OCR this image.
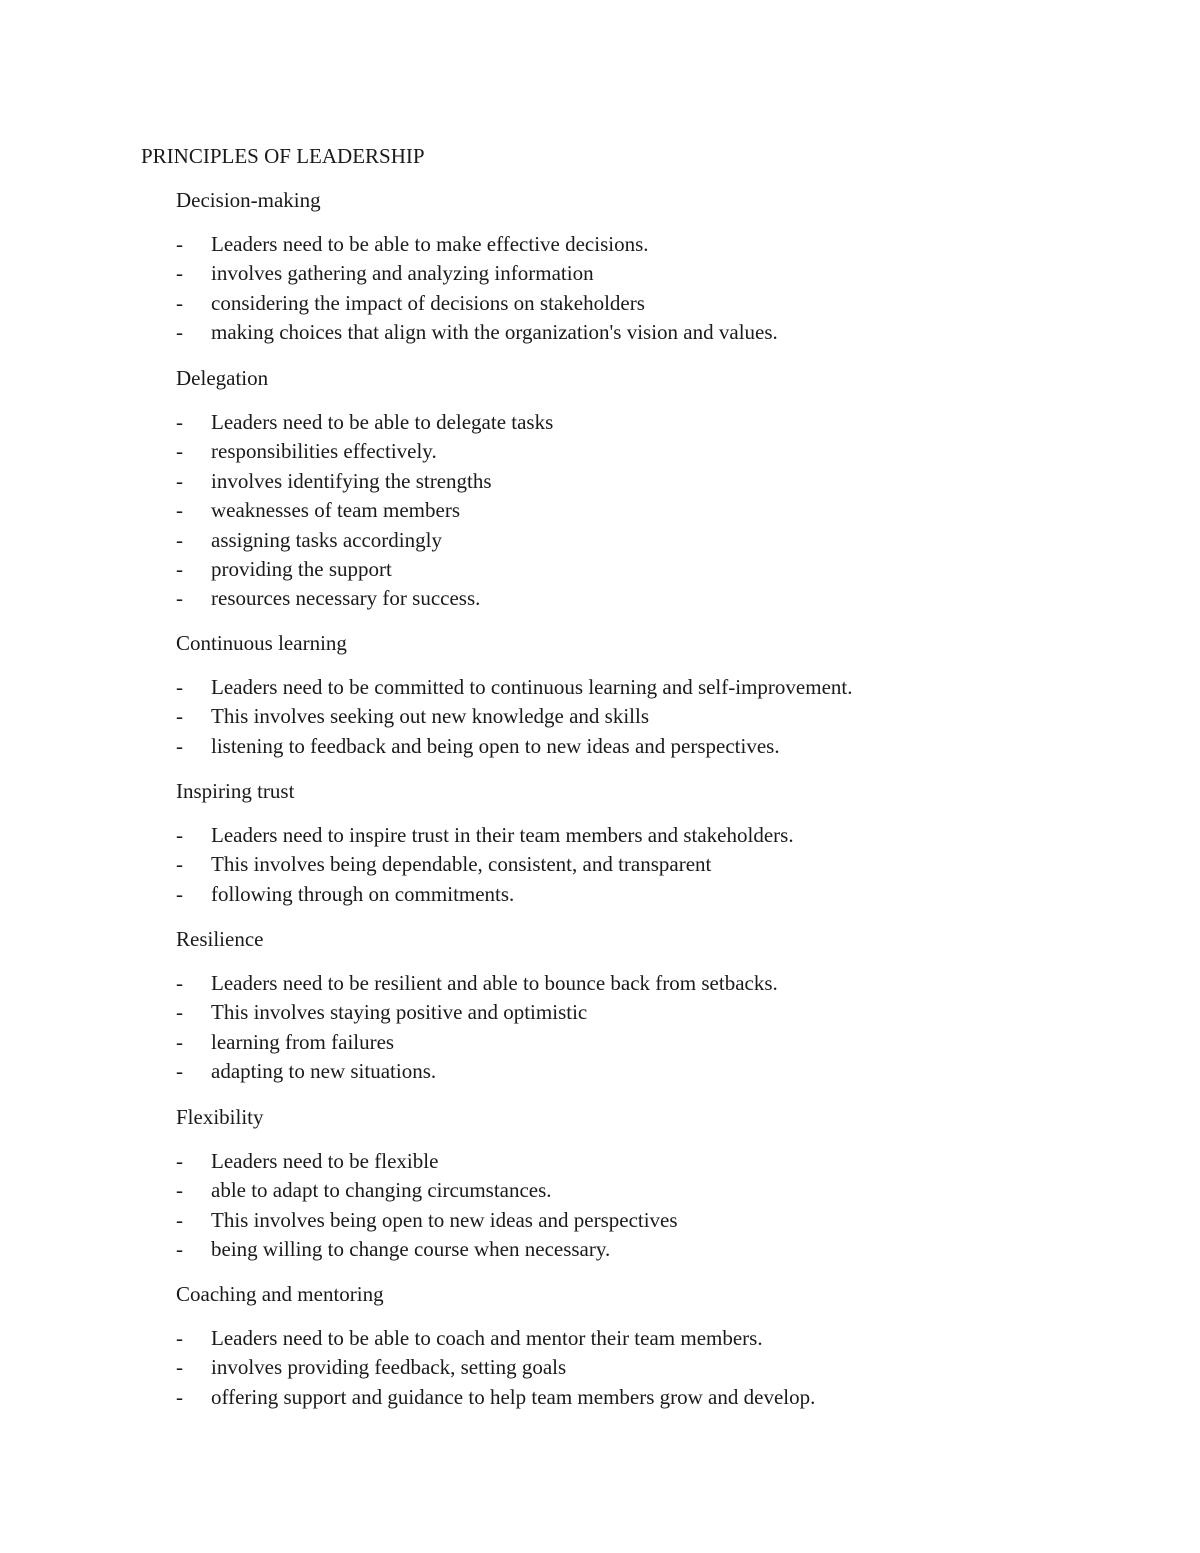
PRINCIPLES OF LEADERSHIP
Decision-making
-	Leaders need to be able to make effective decisions.
-	involves gathering and analyzing information
-	considering the impact of decisions on stakeholders
-	making choices that align with the organization's vision and values.
Delegation
-	Leaders need to be able to delegate tasks
-	responsibilities effectively.
-	involves identifying the strengths
-	weaknesses of team members
-	assigning tasks accordingly
-	providing the support
-	resources necessary for success.
Continuous learning
-	Leaders need to be committed to continuous learning and self-improvement.
-	This involves seeking out new knowledge and skills
-	listening to feedback and being open to new ideas and perspectives.
Inspiring trust
-	Leaders need to inspire trust in their team members and stakeholders.
-	This involves being dependable, consistent, and transparent
-	following through on commitments.
Resilience
-	Leaders need to be resilient and able to bounce back from setbacks.
-	This involves staying positive and optimistic
-	learning from failures
-	adapting to new situations.
Flexibility
-	Leaders need to be flexible
-	able to adapt to changing circumstances.
-	This involves being open to new ideas and perspectives
-	being willing to change course when necessary.
Coaching and mentoring
-	Leaders need to be able to coach and mentor their team members.
-	involves providing feedback, setting goals
-	offering support and guidance to help team members grow and develop.
